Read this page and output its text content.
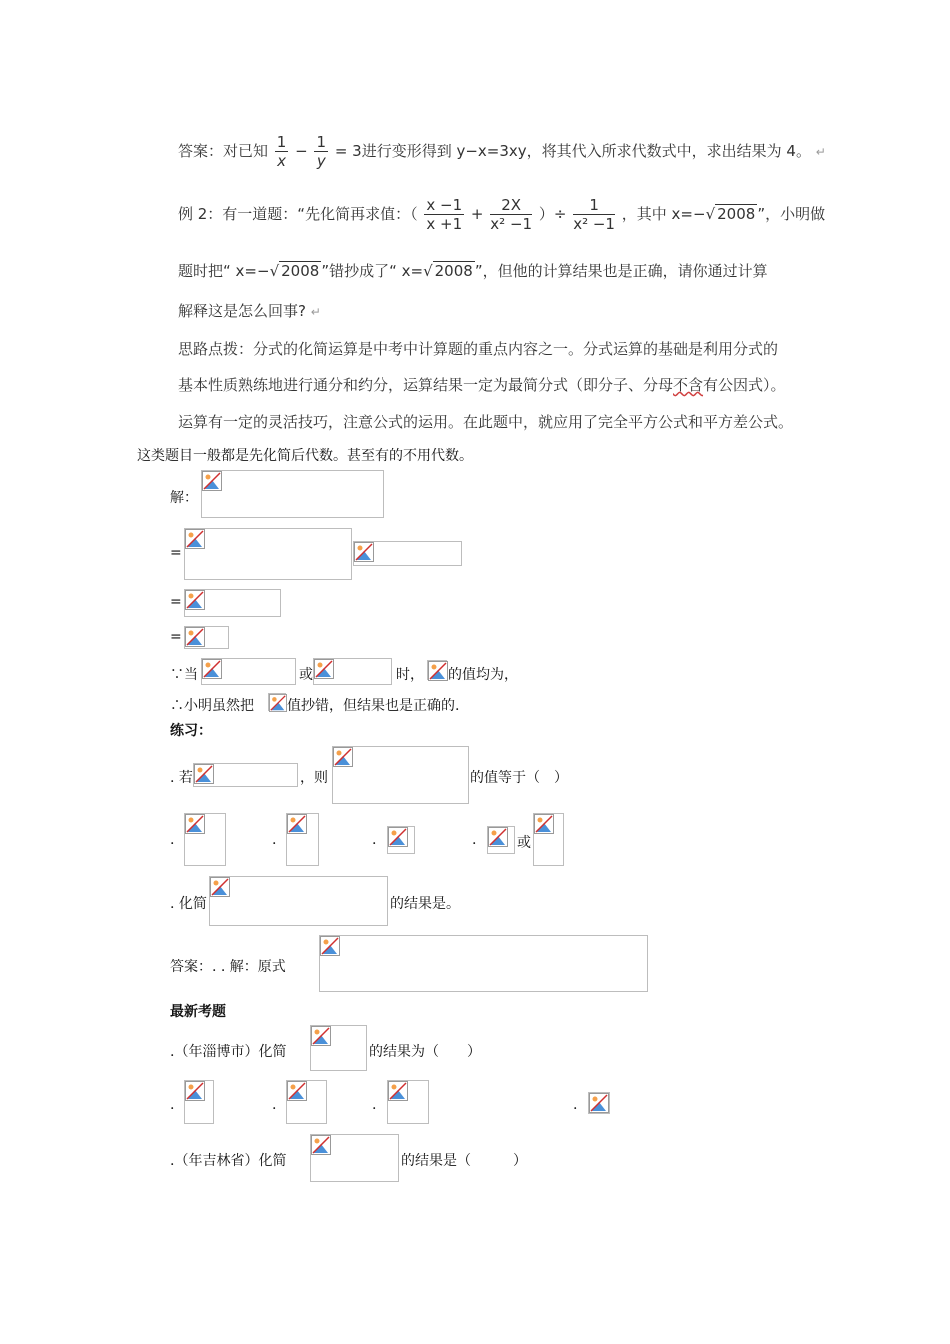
答案：对已知 $\frac{1}{x} - \frac{1}{y} = 3$进行变形得到 y−x=3xy，将其代入所求代数式中，求出结果为 4。 ↵
例 2：有一道题：“先化简再求值：（ $\frac{x -1}{x +1} + \frac{2X}{\text{x² −1}}$ ）÷ $\frac{1}{\text{x² −1}}$ ，其中 x=−√ 2008 ”，小明做
题时把“ x=−√ 2008 ”错抄成了“ x=√ 2008 ”，但他的计算结果也是正确，请你通过计算
解释这是怎么回事? ↵
思路点拨：分式的化简运算是中考中计算题的重点内容之一。分式运算的基础是利用分式的
基本性质熟练地进行通分和约分，运算结果一定为最简分式（即分子、分母不含有公因式）。
运算有一定的灵活技巧，注意公式的运用。在此题中，就应用了完全平方公式和平方差公式。
这类题目一般都是先化简后代数。甚至有的不用代数。
解：
=
=
=
∵当	或	时， 的值均为，
∴小明虽然把 值抄错，但结果也是正确的.
练习：
. 若	，则	的值等于（　）
.	.	.	.	或
. 化简	的结果是。
答案：. . 解：原式
最新考题
.（年淄博市）化简	的结果为（　　）
.	.	.	.
.（年吉林省）化简	的结果是（　　　）
